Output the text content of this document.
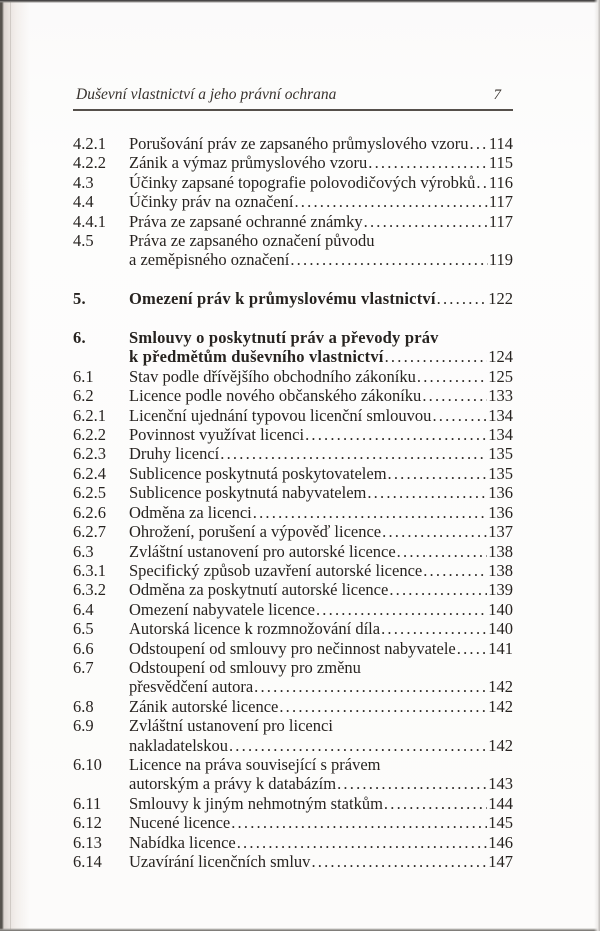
Duševní vlastnictví a jeho právní ochrana	7
4.2.1	Porušování práv ze zapsaného průmyslového vzoru ..... 114
4.2.2	Zánik a výmaz průmyslového vzoru .....	115
4.3	Účinky zapsané topografie polovodičových výrobků ..... 116
4.4	Účinky práv na označení .....	117
4.4.1	Práva ze zapsané ochranné známky .....	117
4.5	Práva ze zapsaného označení původu
a zeměpisného označení .....	119
5.	Omezení práv k průmyslovému vlastnictví .....	122
6.	Smlouvy o poskytnutí práv a převody práv
k předmětům duševního vlastnictví .....	124
6.1	Stav podle dřívějšího obchodního zákoníku .....	125
6.2	Licence podle nového občanského zákoníku .....	133
6.2.1	Licenční ujednání typovou licenční smlouvou .....	134
6.2.2	Povinnost využívat licenci .....	134
6.2.3	Druhy licencí .....	135
6.2.4	Sublicence poskytnutá poskytovatelem .....	135
6.2.5	Sublicence poskytnutá nabyvatelem .....	136
6.2.6	Odměna za licenci .....	136
6.2.7	Ohrožení, porušení a výpověď licence .....	137
6.3	Zvláštní ustanovení pro autorské licence .....	138
6.3.1	Specifický způsob uzavření autorské licence .....	138
6.3.2	Odměna za poskytnutí autorské licence .....	139
6.4	Omezení nabyvatele licence .....	140
6.5	Autorská licence k rozmnožování díla .....	140
6.6	Odstoupení od smlouvy pro nečinnost nabyvatele ..... 141
6.7	Odstoupení od smlouvy pro změnu
přesvědčení autora .....	142
6.8	Zánik autorské licence .....	142
6.9	Zvláštní ustanovení pro licenci
nakladatelskou .....	142
6.10	Licence na práva související s právem
autorským a právy k databázím .....	143
6.11	Smlouvy k jiným nehmotným statkům .....	144
6.12	Nucené licence .....	145
6.13	Nabídka licence .....	146
6.14	Uzavírání licenčních smluv .....	147
